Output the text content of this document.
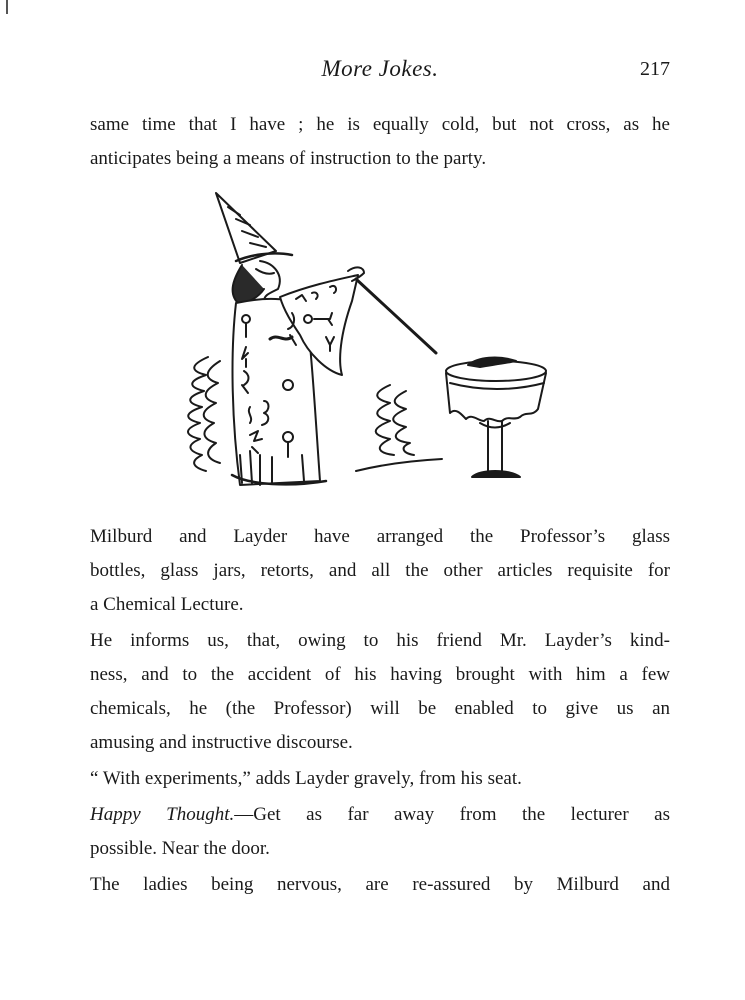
More Jokes.	217

same time that I have ; he is equally cold, but not cross, as he

anticipates being a means of instruction to the party.

Milburd and Layder have arranged the Professor’s glass

bottles, glass jars, retorts, and all the other articles requisite for

a Chemical Lecture.

He informs us, that, owing to his friend Mr. Layder’s kind-

ness, and to the accident of his having brought with him a few

chemicals, he (the Professor) will be enabled to give us an

amusing and instructive discourse.

“ With experiments,” adds Layder gravely, from his seat.

Happy Thought.—Get as far away from the lecturer as

possible. Near the door.

The ladies being nervous, are re-assured by Milburd and
